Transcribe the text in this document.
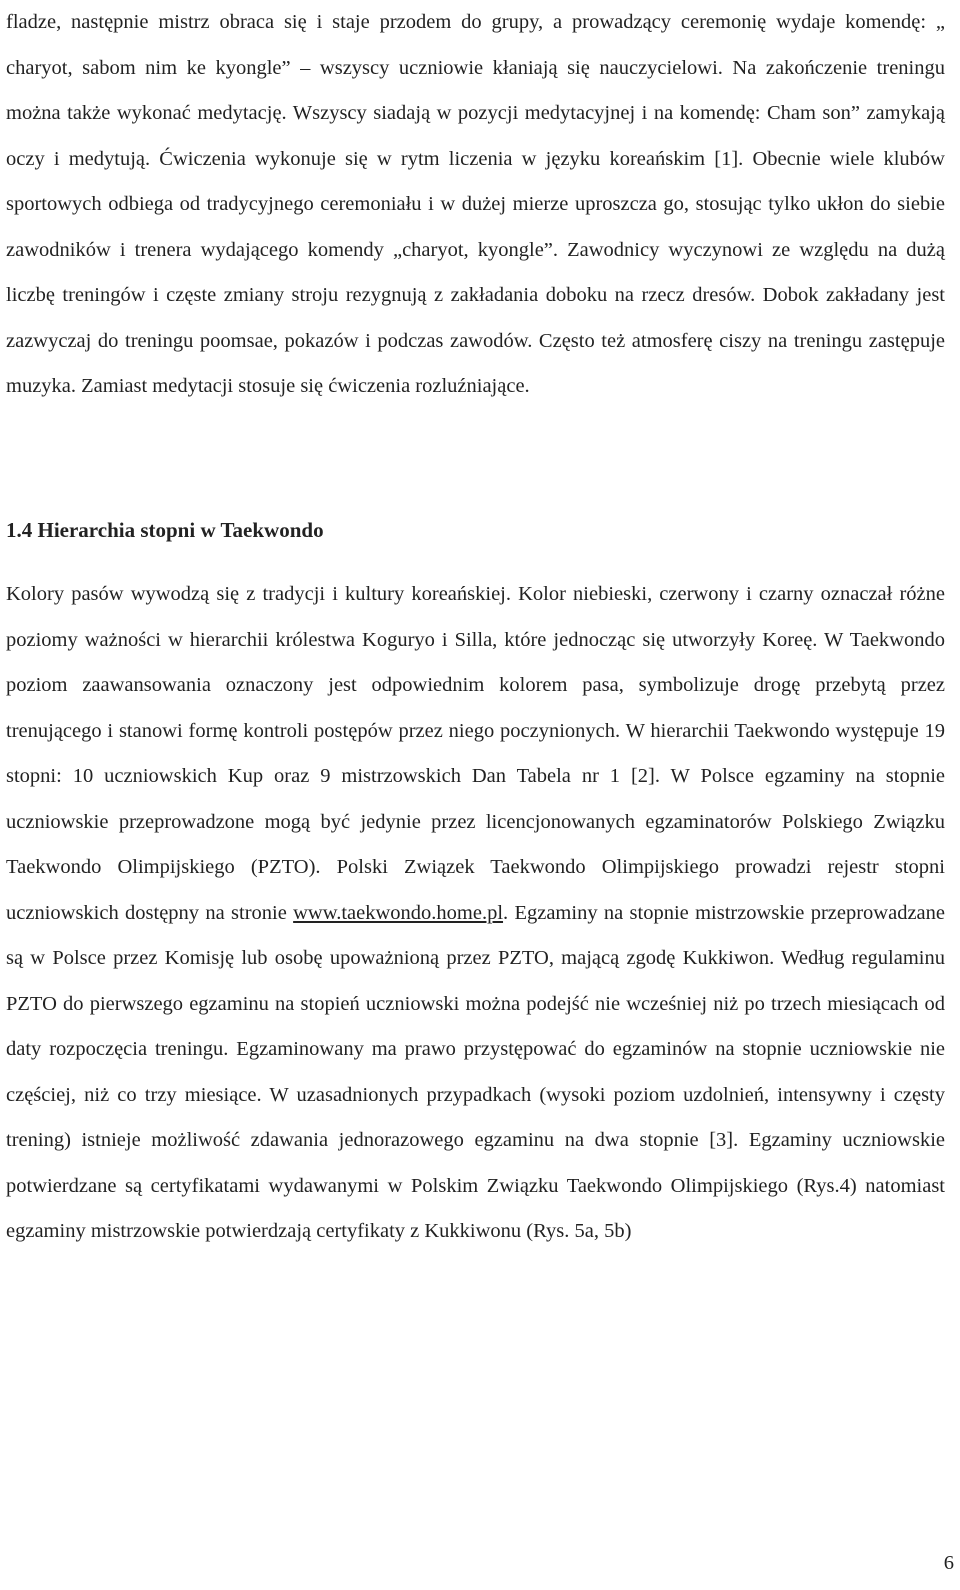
fladze, następnie mistrz obraca się i staje przodem do grupy, a prowadzący ceremonię wydaje komendę: „ charyot, sabom nim ke kyongle” – wszyscy uczniowie kłaniają się nauczycielowi. Na zakończenie treningu można także wykonać medytację. Wszyscy siadają w pozycji medytacyjnej i na komendę: Cham son” zamykają oczy i medytują. Ćwiczenia wykonuje się w rytm liczenia w języku koreańskim [1]. Obecnie wiele klubów sportowych odbiega od tradycyjnego ceremoniału i w dużej mierze uproszcza go, stosując tylko ukłon do siebie zawodników i trenera wydającego komendy „charyot, kyongle”. Zawodnicy wyczynowi ze względu na dużą liczbę treningów i częste zmiany stroju rezygnują z zakładania doboku na rzecz dresów. Dobok zakładany jest zazwyczaj do treningu poomsae, pokazów i podczas zawodów. Często też atmosferę ciszy na treningu zastępuje muzyka. Zamiast medytacji stosuje się ćwiczenia rozluźniające.

1.4 Hierarchia stopni w Taekwondo

Kolory pasów wywodzą się z tradycji i kultury koreańskiej. Kolor niebieski, czerwony i czarny oznaczał różne poziomy ważności w hierarchii królestwa Koguryo i Silla, które jednocząc się utworzyły Koreę. W Taekwondo poziom zaawansowania oznaczony jest odpowiednim kolorem pasa, symbolizuje drogę przebytą przez trenującego i stanowi formę kontroli postępów przez niego poczynionych. W hierarchii Taekwondo występuje 19 stopni: 10 uczniowskich Kup oraz 9 mistrzowskich Dan Tabela nr 1 [2]. W Polsce egzaminy na stopnie uczniowskie przeprowadzone mogą być jedynie przez licencjonowanych egzaminatorów Polskiego Związku Taekwondo Olimpijskiego (PZTO). Polski Związek Taekwondo Olimpijskiego prowadzi rejestr stopni uczniowskich dostępny na stronie www.taekwondo.home.pl. Egzaminy na stopnie mistrzowskie przeprowadzane są w Polsce przez Komisję lub osobę upoważnioną przez PZTO, mającą zgodę Kukkiwon. Według regulaminu PZTO do pierwszego egzaminu na stopień uczniowski można podejść nie wcześniej niż po trzech miesiącach od daty rozpoczęcia treningu. Egzaminowany ma prawo przystępować do egzaminów na stopnie uczniowskie nie częściej, niż co trzy miesiące. W uzasadnionych przypadkach (wysoki poziom uzdolnień, intensywny i częsty trening) istnieje możliwość zdawania jednorazowego egzaminu na dwa stopnie [3]. Egzaminy uczniowskie potwierdzane są certyfikatami wydawanymi w Polskim Związku Taekwondo Olimpijskiego (Rys.4) natomiast egzaminy mistrzowskie potwierdzają certyfikaty z Kukkiwonu (Rys. 5a, 5b)

6
